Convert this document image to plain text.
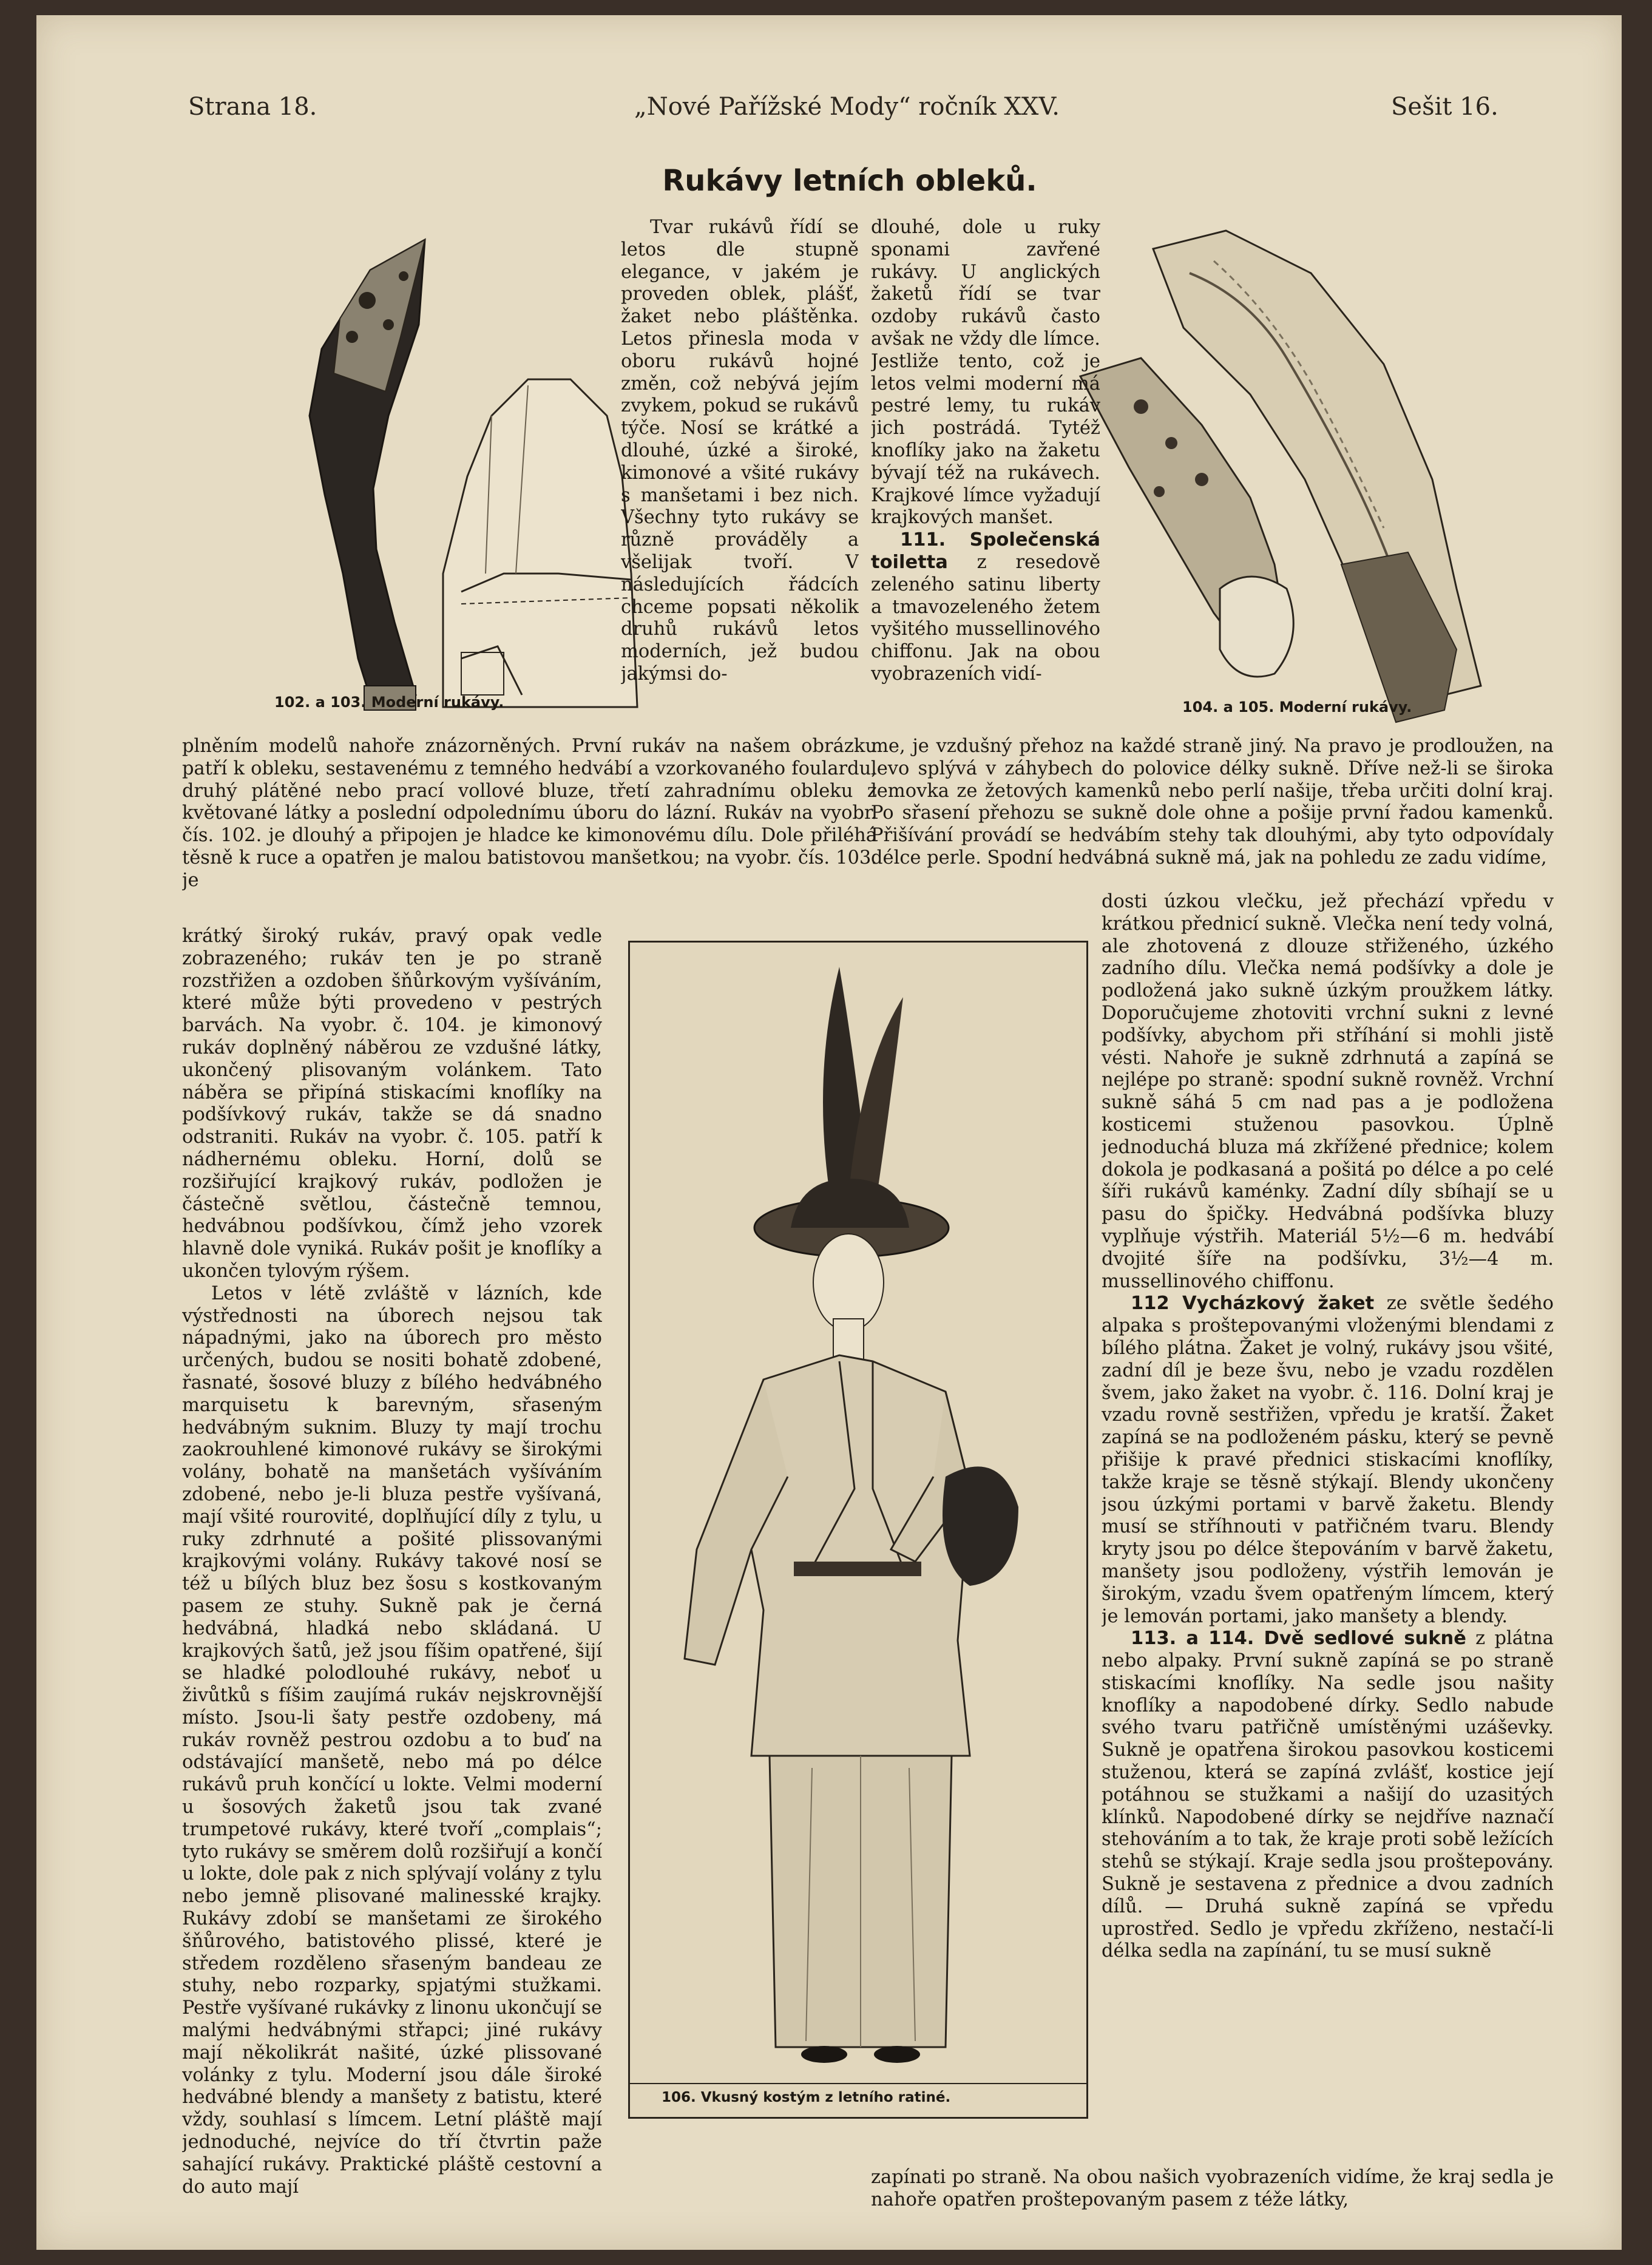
Strana 18.	„Nové Pařížské Mody“ ročník XXV.	Sešit 16.
Rukávy letních obleků.
102. a 103. Moderní rukávy.	104. a 105. Moderní rukávy.

Tvar rukávů řídí se letos dle stupně elegance, v jakém je proveden oblek, plášť, žaket nebo pláštěnka. Letos přinesla moda v oboru rukávů hojné změn, což nebývá jejím zvykem, pokud se rukávů týče. Nosí se krátké a dlouhé, úzké a široké, kimonové a všité rukávy s manšetami i bez nich. Všechny tyto rukávy se různě prováděly a všelijak tvoří. V následujících řádcích chceme popsati několik druhů rukávů letos moderních, jež budou jakýmsi do-

dlouhé, dole u ruky sponami zavřené rukávy. U anglických žaketů řídí se tvar ozdoby rukávů často avšak ne vždy dle límce. Jestliže tento, což je letos velmi moderní má pestré lemy, tu rukáv jich postrádá. Tytéž knoflíky jako na žaketu bývají též na rukávech. Krajkové límce vyžadují krajkových manšet.

111. Společenská toiletta z resedově zeleného satinu liberty a tmavozeleného žetem vyšitého mussellinového chiffonu. Jak na obou vyobrazeních vidí-

plněním modelů nahoře znázorněných. První rukáv na našem obrázku patří k obleku, sestavenému z temného hedvábí a vzorkovaného foulardu, druhý plátěné nebo prací vollové bluze, třetí zahradnímu obleku z květované látky a poslední odpolednímu úboru do lázní. Rukáv na vyobr. čís. 102. je dlouhý a připojen je hladce ke kimonovému dílu. Dole přiléhá těsně k ruce a opatřen je malou batistovou manšetkou; na vyobr. čís. 103. je

me, je vzdušný přehoz na každé straně jiný. Na pravo je prodloužen, na levo splývá v záhybech do polovice délky sukně. Dříve než-li se široka lemovka ze žetových kamenků nebo perlí našije, třeba určiti dolní kraj. Po sřasení přehozu se sukně dole ohne a pošije první řadou kamenků. Přišívání provádí se hedvábím stehy tak dlouhými, aby tyto odpovídaly délce perle. Spodní hedvábná sukně má, jak na pohledu ze zadu vidíme,

krátký široký rukáv, pravý opak vedle zobrazeného; rukáv ten je po straně rozstřižen a ozdoben šňůrkovým vyšíváním, které může býti provedeno v pestrých barvách. Na vyobr. č. 104. je kimonový rukáv doplněný náběrou ze vzdušné látky, ukončený plisovaným volánkem. Tato náběra se připíná stiskacími knoflíky na podšívkový rukáv, takže se dá snadno odstraniti. Rukáv na vyobr. č. 105. patří k nádhernému obleku. Horní, dolů se rozšiřující krajkový rukáv, podložen je částečně světlou, částečně temnou, hedvábnou podšívkou, čímž jeho vzorek hlavně dole vyniká. Rukáv pošit je knoflíky a ukončen tylovým rýšem.

Letos v létě zvláště v lázních, kde výstřednosti na úborech nejsou tak nápadnými, jako na úborech pro město určených, budou se nositi bohatě zdobené, řasnaté, šosové bluzy z bílého hedvábného marquisetu k barevným, sřaseným hedvábným suknim. Bluzy ty mají trochu zaokrouhlené kimonové rukávy se širokými volány, bohatě na manšetách vyšíváním zdobené, nebo je-li bluza pestře vyšívaná, mají všité rourovité, doplňující díly z tylu, u ruky zdrhnuté a pošité plissovanými krajkovými volány. Rukávy takové nosí se též u bílých bluz bez šosu s kostkovaným pasem ze stuhy. Sukně pak je černá hedvábná, hladká nebo skládaná. U krajkových šatů, jež jsou fíšim opatřené, šijí se hladké polodlouhé rukávy, neboť u živůtků s fíšim zaujímá rukáv nejskrovnější místo. Jsou-li šaty pestře ozdobeny, má rukáv rovněž pestrou ozdobu a to buď na odstávající manšetě, nebo má po délce rukávů pruh končící u lokte. Velmi moderní u šosových žaketů jsou tak zvané trumpetové rukávy, které tvoří „complais“; tyto rukávy se směrem dolů rozšiřují a končí u lokte, dole pak z nich splývají volány z tylu nebo jemně plisované malinesské krajky. Rukávy zdobí se manšetami ze širokého šňůrového, batistového plissé, které je středem rozděleno sřaseným bandeau ze stuhy, nebo rozparky, spjatými stužkami. Pestře vyšívané rukávky z linonu ukončují se malými hedvábnými střapci; jiné rukávy mají několikrát našité, úzké plissované volánky z tylu. Moderní jsou dále široké hedvábné blendy a manšety z batistu, které vždy, souhlasí s límcem. Letní pláště mají jednoduché, nejvíce do tří čtvrtin paže sahající rukávy. Praktické pláště cestovní a do auto mají

106. Vkusný kostým z letního ratiné.

dosti úzkou vlečku, jež přechází vpředu v krátkou přednicí sukně. Vlečka není tedy volná, ale zhotovená z dlouze střiženého, úzkého zadního dílu. Vlečka nemá podšívky a dole je podložená jako sukně úzkým proužkem látky. Doporučujeme zhotoviti vrchní sukni z levné podšívky, abychom při stříhání si mohli jistě vésti. Nahoře je sukně zdrhnutá a zapíná se nejlépe po straně: spodní sukně rovněž. Vrchní sukně sáhá 5 cm nad pas a je podložena kosticemi stuženou pasovkou. Úplně jednoduchá bluza má zkřížené přednice; kolem dokola je podkasaná a pošitá po délce a po celé šíři rukávů kaménky. Zadní díly sbíhají se u pasu do špičky. Hedvábná podšívka bluzy vyplňuje výstřih. Materiál 5½—6 m. hedvábí dvojité šíře na podšívku, 3½—4 m. mussellinového chiffonu.

112 Vycházkový žaket ze světle šedého alpaka s proštepovanými vloženými blendami z bílého plátna. Žaket je volný, rukávy jsou všité, zadní díl je beze švu, nebo je vzadu rozdělen švem, jako žaket na vyobr. č. 116. Dolní kraj je vzadu rovně sestřižen, vpředu je kratší. Žaket zapíná se na podloženém pásku, který se pevně přišije k pravé přednici stiskacími knoflíky, takže kraje se těsně stýkají. Blendy ukončeny jsou úzkými portami v barvě žaketu. Blendy musí se stříhnouti v patřičném tvaru. Blendy kryty jsou po délce štepováním v barvě žaketu, manšety jsou podloženy, výstřih lemován je širokým, vzadu švem opatřeným límcem, který je lemován portami, jako manšety a blendy.

113. a 114. Dvě sedlové sukně z plátna nebo alpaky. První sukně zapíná se po straně stiskacími knoflíky. Na sedle jsou našity knoflíky a napodobené dírky. Sedlo nabude svého tvaru patřičně umístěnými uzáševky. Sukně je opatřena širokou pasovkou kosticemi stuženou, která se zapíná zvlášť, kostice její potáhnou se stužkami a našijí do uzasitých klínků. Napodobené dírky se nejdříve naznačí stehováním a to tak, že kraje proti sobě ležících stehů se stýkají. Kraje sedla jsou proštepovány. Sukně je sestavena z přednice a dvou zadních dílů. — Druhá sukně zapíná se vpředu uprostřed. Sedlo je vpředu zkříženo, nestačí-li délka sedla na zapínání, tu se musí sukně

zapínati po straně. Na obou našich vyobrazeních vidíme, že kraj sedla je nahoře opatřen proštepovaným pasem z téže látky,
